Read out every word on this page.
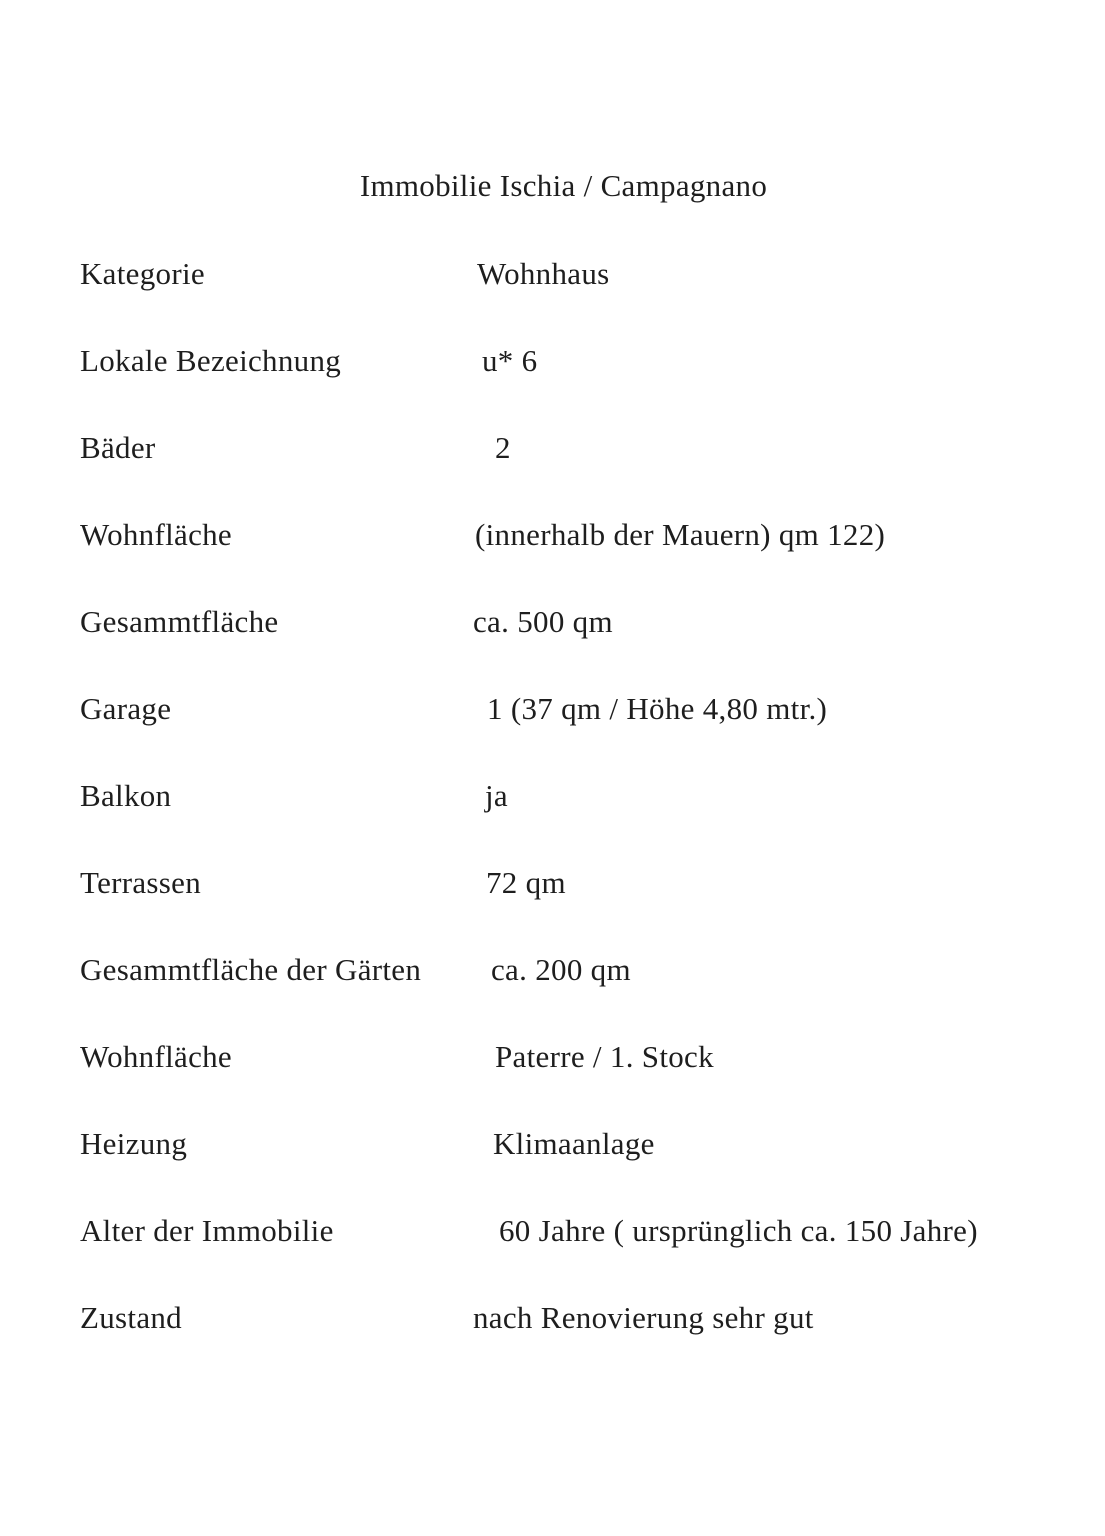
Immobilie Ischia / Campagnano
Kategorie	Wohnhaus
Lokale Bezeichnung	u* 6
Bäder	2
Wohnfläche	(innerhalb der Mauern) qm 122)
Gesammtfläche	ca. 500 qm
Garage	1 (37 qm / Höhe 4,80 mtr.)
Balkon	ja
Terrassen	72 qm
Gesammtfläche der Gärten	ca. 200 qm
Wohnfläche	Paterre / 1. Stock
Heizung	Klimaanlage
Alter der Immobilie	60 Jahre ( ursprünglich ca. 150 Jahre)
Zustand	nach Renovierung sehr gut
